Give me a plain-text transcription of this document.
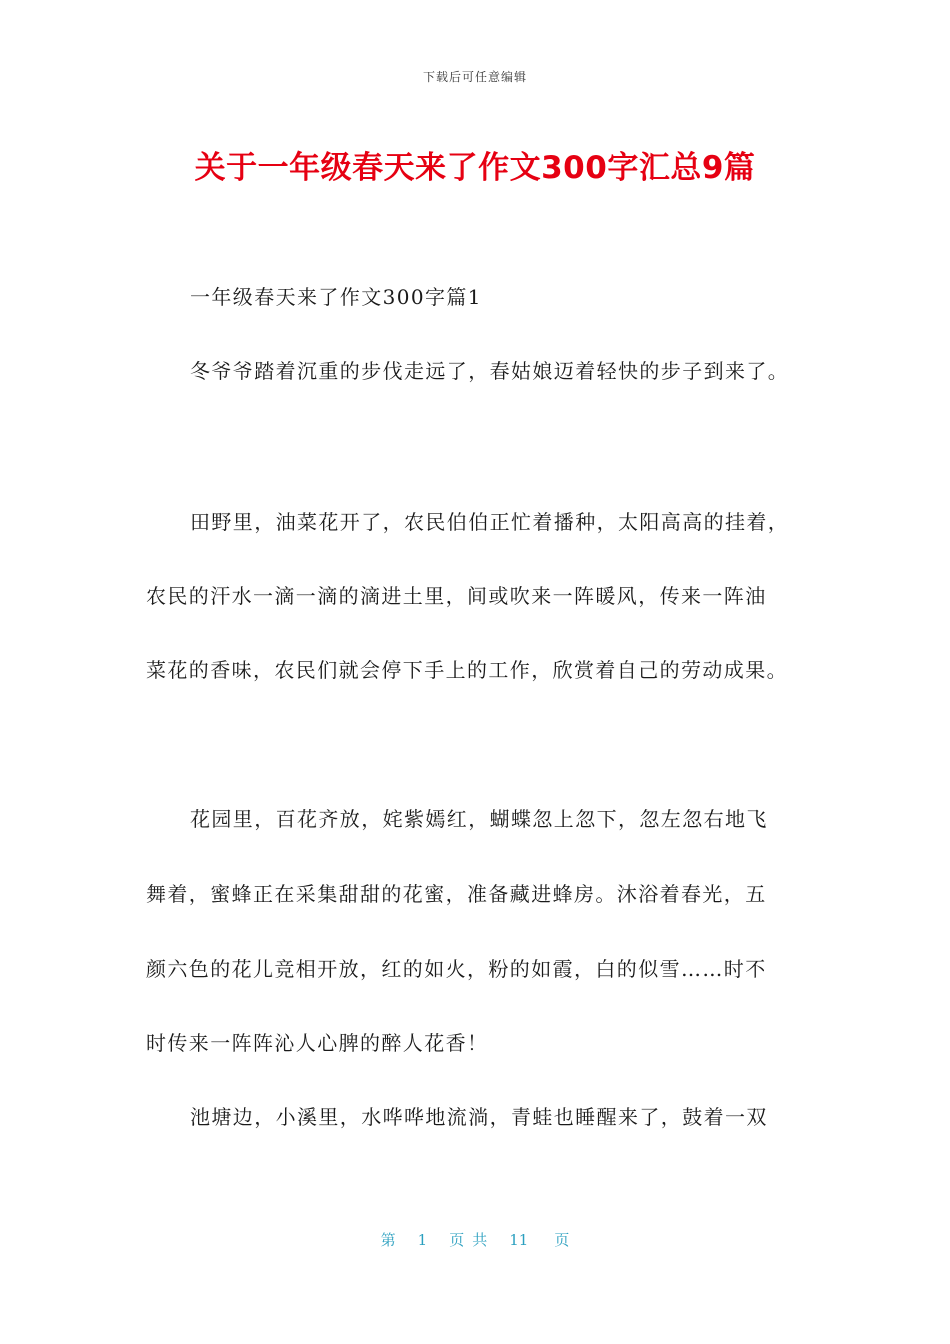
下载后可任意编辑
关于一年级春天来了作文300字汇总9篇

一年级春天来了作文300字篇1

冬爷爷踏着沉重的步伐走远了，春姑娘迈着轻快的步子到来了。

田野里，油菜花开了，农民伯伯正忙着播种，太阳高高的挂着，

农民的汗水一滴一滴的滴进土里，间或吹来一阵暖风，传来一阵油

菜花的香味，农民们就会停下手上的工作，欣赏着自己的劳动成果。

花园里，百花齐放，姹紫嫣红，蝴蝶忽上忽下，忽左忽右地飞

舞着，蜜蜂正在采集甜甜的花蜜，准备藏进蜂房。沐浴着春光，五

颜六色的花儿竞相开放，红的如火，粉的如霞，白的似雪……时不

时传来一阵阵沁人心脾的醉人花香！

池塘边，小溪里，水哗哗地流淌，青蛙也睡醒来了，鼓着一双

第 1 页共 11 页
